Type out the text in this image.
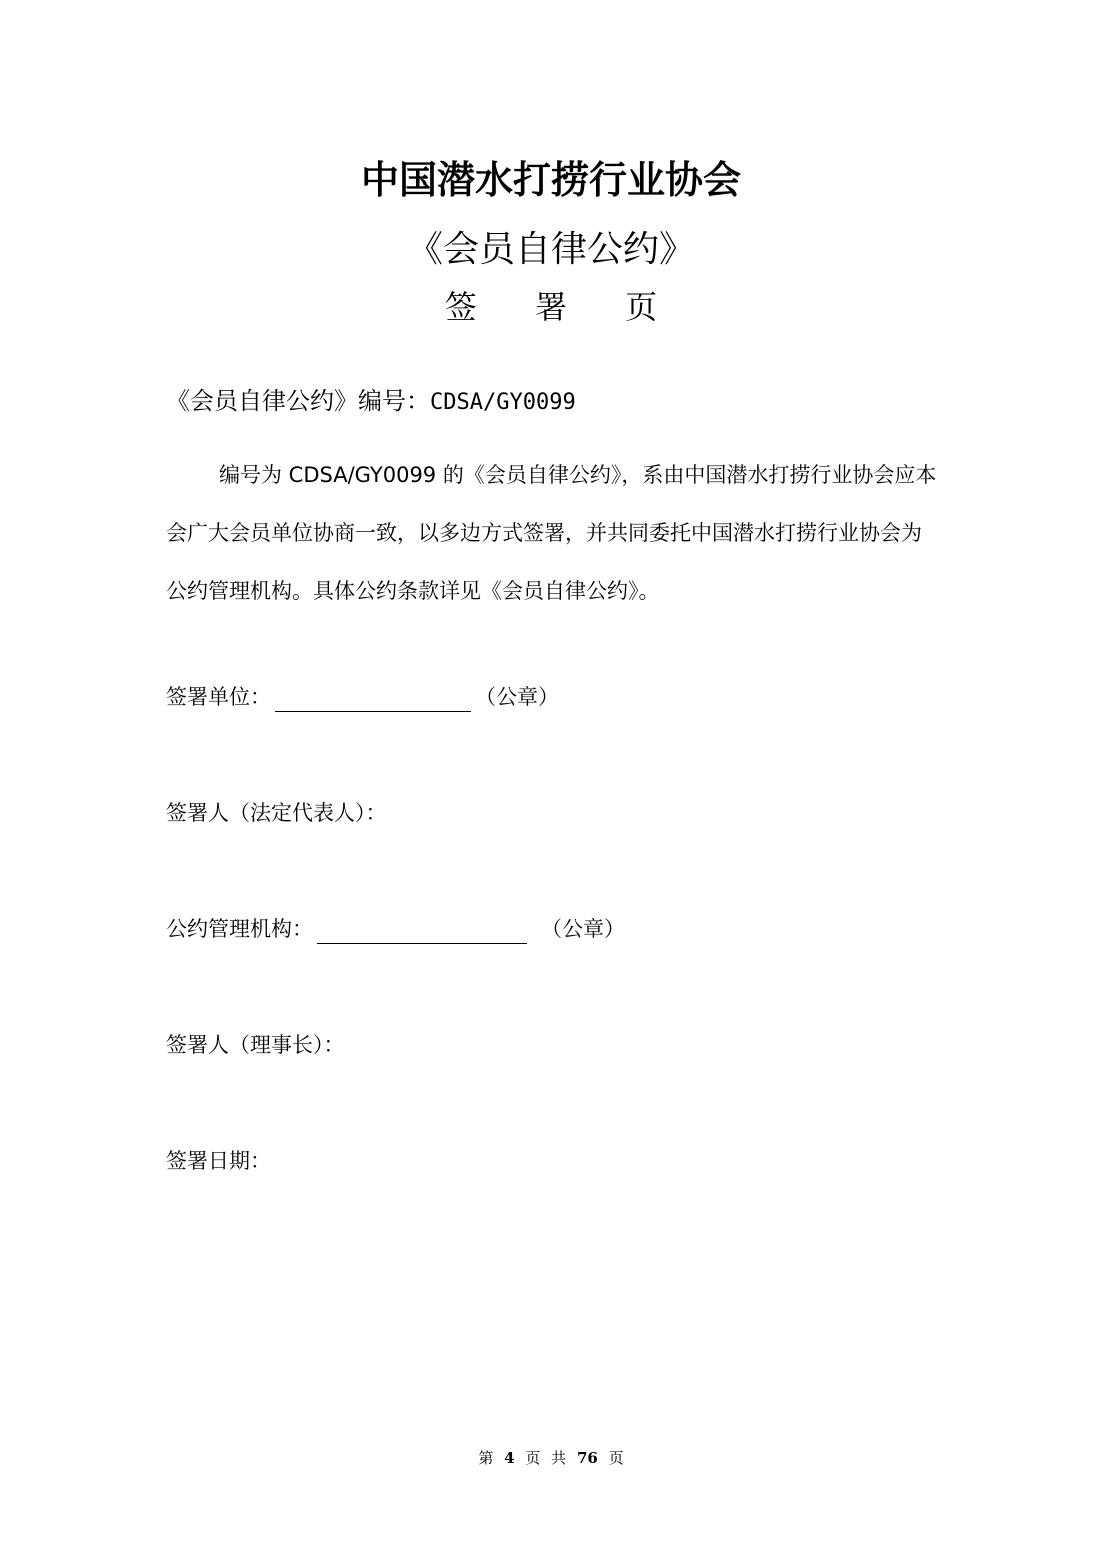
中国潜水打捞行业协会
《会员自律公约》
签 署 页
《会员自律公约》编号：CDSA/GY0099
编号为 CDSA/GY0099 的《会员自律公约》，系由中国潜水打捞行业协会应本会广大会员单位协商一致，以多边方式签署，并共同委托中国潜水打捞行业协会为公约管理机构。具体公约条款详见《会员自律公约》。
签署单位：	（公章）
签署人（法定代表人）：
公约管理机构：	（公章）
签署人（理事长）：
签署日期：
第 4 页 共 76 页
